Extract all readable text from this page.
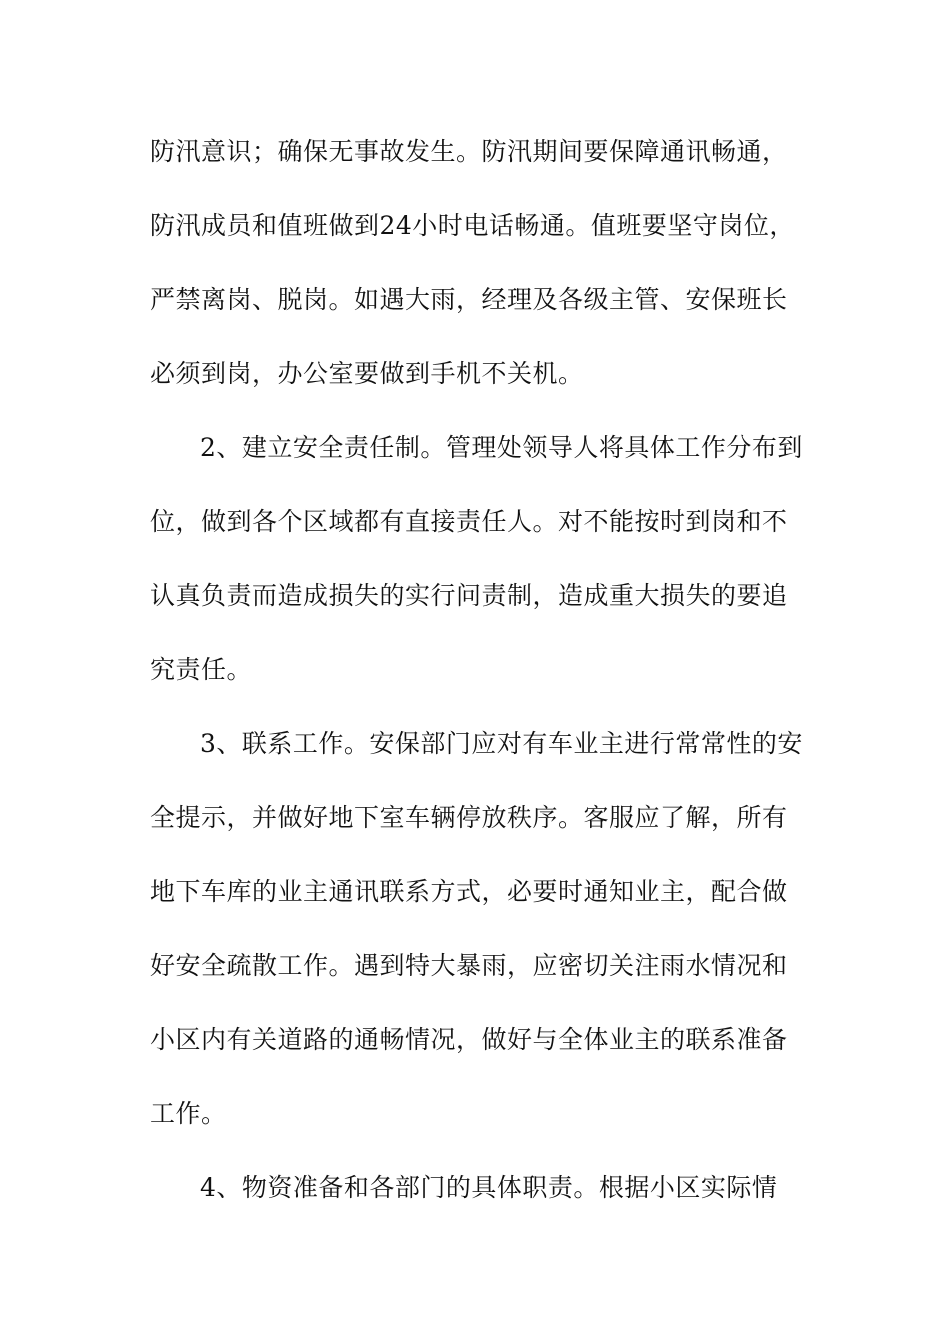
防汛意识；确保无事故发生。防汛期间要保障通讯畅通，
防汛成员和值班做到24小时电话畅通。值班要坚守岗位，
严禁离岗、脱岗。如遇大雨，经理及各级主管、安保班长
必须到岗，办公室要做到手机不关机。
2、建立安全责任制。管理处领导人将具体工作分布到
位，做到各个区域都有直接责任人。对不能按时到岗和不
认真负责而造成损失的实行问责制，造成重大损失的要追
究责任。
3、联系工作。安保部门应对有车业主进行常常性的安
全提示，并做好地下室车辆停放秩序。客服应了解，所有
地下车库的业主通讯联系方式，必要时通知业主，配合做
好安全疏散工作。遇到特大暴雨，应密切关注雨水情况和
小区内有关道路的通畅情况，做好与全体业主的联系准备
工作。
4、物资准备和各部门的具体职责。根据小区实际情
